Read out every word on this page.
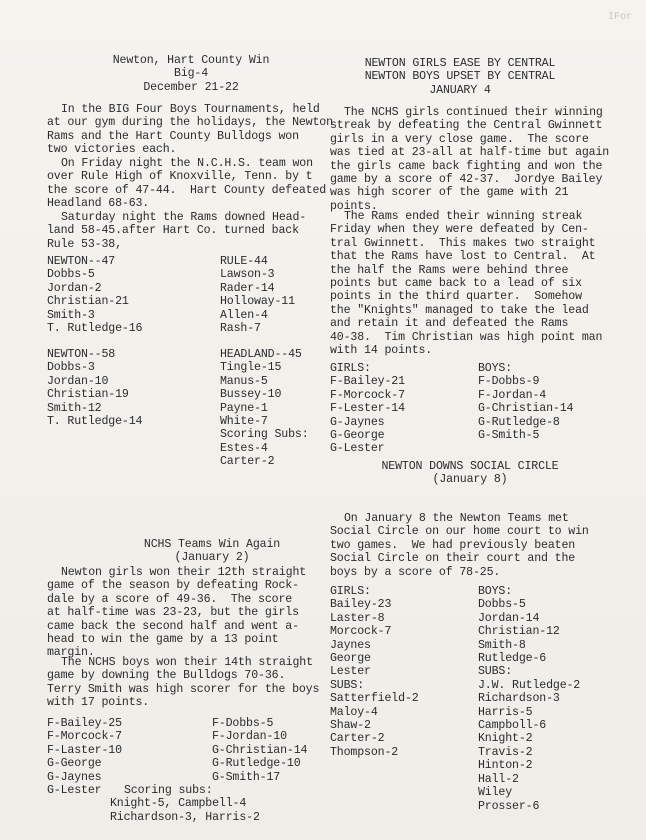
IFor
Newton, Hart County Win
Big-4
December 21-22
In the BIG Four Boys Tournaments, held
at our gym during the holidays, the Newton
Rams and the Hart County Bulldogs won
two victories each.
On Friday night the N.C.H.S. team won
over Rule High of Knoxville, Tenn. by t
the score of 47-44.  Hart County defeated
Headland 68-63.
Saturday night the Rams downed Head-
land 58-45.after Hart Co. turned back
Rule 53-38,
NEWTON--47
Dobbs-5
Jordan-2
Christian-21
Smith-3
T. Rutledge-16
RULE-44
Lawson-3
Rader-14
Holloway-11
Allen-4
Rash-7
NEWTON--58
Dobbs-3
Jordan-10
Christian-19
Smith-12
T. Rutledge-14
HEADLAND--45
Tingle-15
Manus-5
Bussey-10
Payne-1
White-7
Scoring Subs:
Estes-4
Carter-2
NCHS Teams Win Again
(January 2)
Newton girls won their 12th straight
game of the season by defeating Rock-
dale by a score of 49-36.  The score
at half-time was 23-23, but the girls
came back the second half and went a-
head to win the game by a 13 point
margin.
The NCHS boys won their 14th straight
game by downing the Bulldogs 70-36.
Terry Smith was high scorer for the boys
with 17 points.
F-Bailey-25
F-Morcock-7
F-Laster-10
G-George
G-Jaynes
G-Lester
F-Dobbs-5
F-Jordan-10
G-Christian-14
G-Rutledge-10
G-Smith-17
Scoring subs:
Knight-5, Campbell-4
Richardson-3, Harris-2
NEWTON GIRLS EASE BY CENTRAL
NEWTON BOYS UPSET BY CENTRAL
JANUARY 4
The NCHS girls continued their winning
streak by defeating the Central Gwinnett
girls in a very close game.  The score
was tied at 23-all at half-time but again
the girls came back fighting and won the
game by a score of 42-37.  Jordye Bailey
was high scorer of the game with 21
points.
The Rams ended their winning streak
Friday when they were defeated by Cen-
tral Gwinnett.  This makes two straight
that the Rams have lost to Central.  At
the half the Rams were behind three
points but came back to a lead of six
points in the third quarter.  Somehow
the "Knights" managed to take the lead
and retain it and defeated the Rams
40-38.  Tim Christian was high point man
with 14 points.
GIRLS:
F-Bailey-21
F-Morcock-7
F-Lester-14
G-Jaynes
G-George
G-Lester
BOYS:
F-Dobbs-9
F-Jordan-4
G-Christian-14
G-Rutledge-8
G-Smith-5
NEWTON DOWNS SOCIAL CIRCLE
(January 8)
On January 8 the Newton Teams met
Social Circle on our home court to win
two games.  We had previously beaten
Social Circle on their court and the
boys by a score of 78-25.
GIRLS:
Bailey-23
Laster-8
Morcock-7
Jaynes
George
Lester
SUBS:
Satterfield-2
Maloy-4
Shaw-2
Carter-2
Thompson-2
BOYS:
Dobbs-5
Jordan-14
Christian-12
Smith-8
Rutledge-6
SUBS:
J.W. Rutledge-2
Richardson-3
Harris-5
Campboll-6
Knight-2
Travis-2
Hinton-2
Hall-2
Wiley
Prosser-6
